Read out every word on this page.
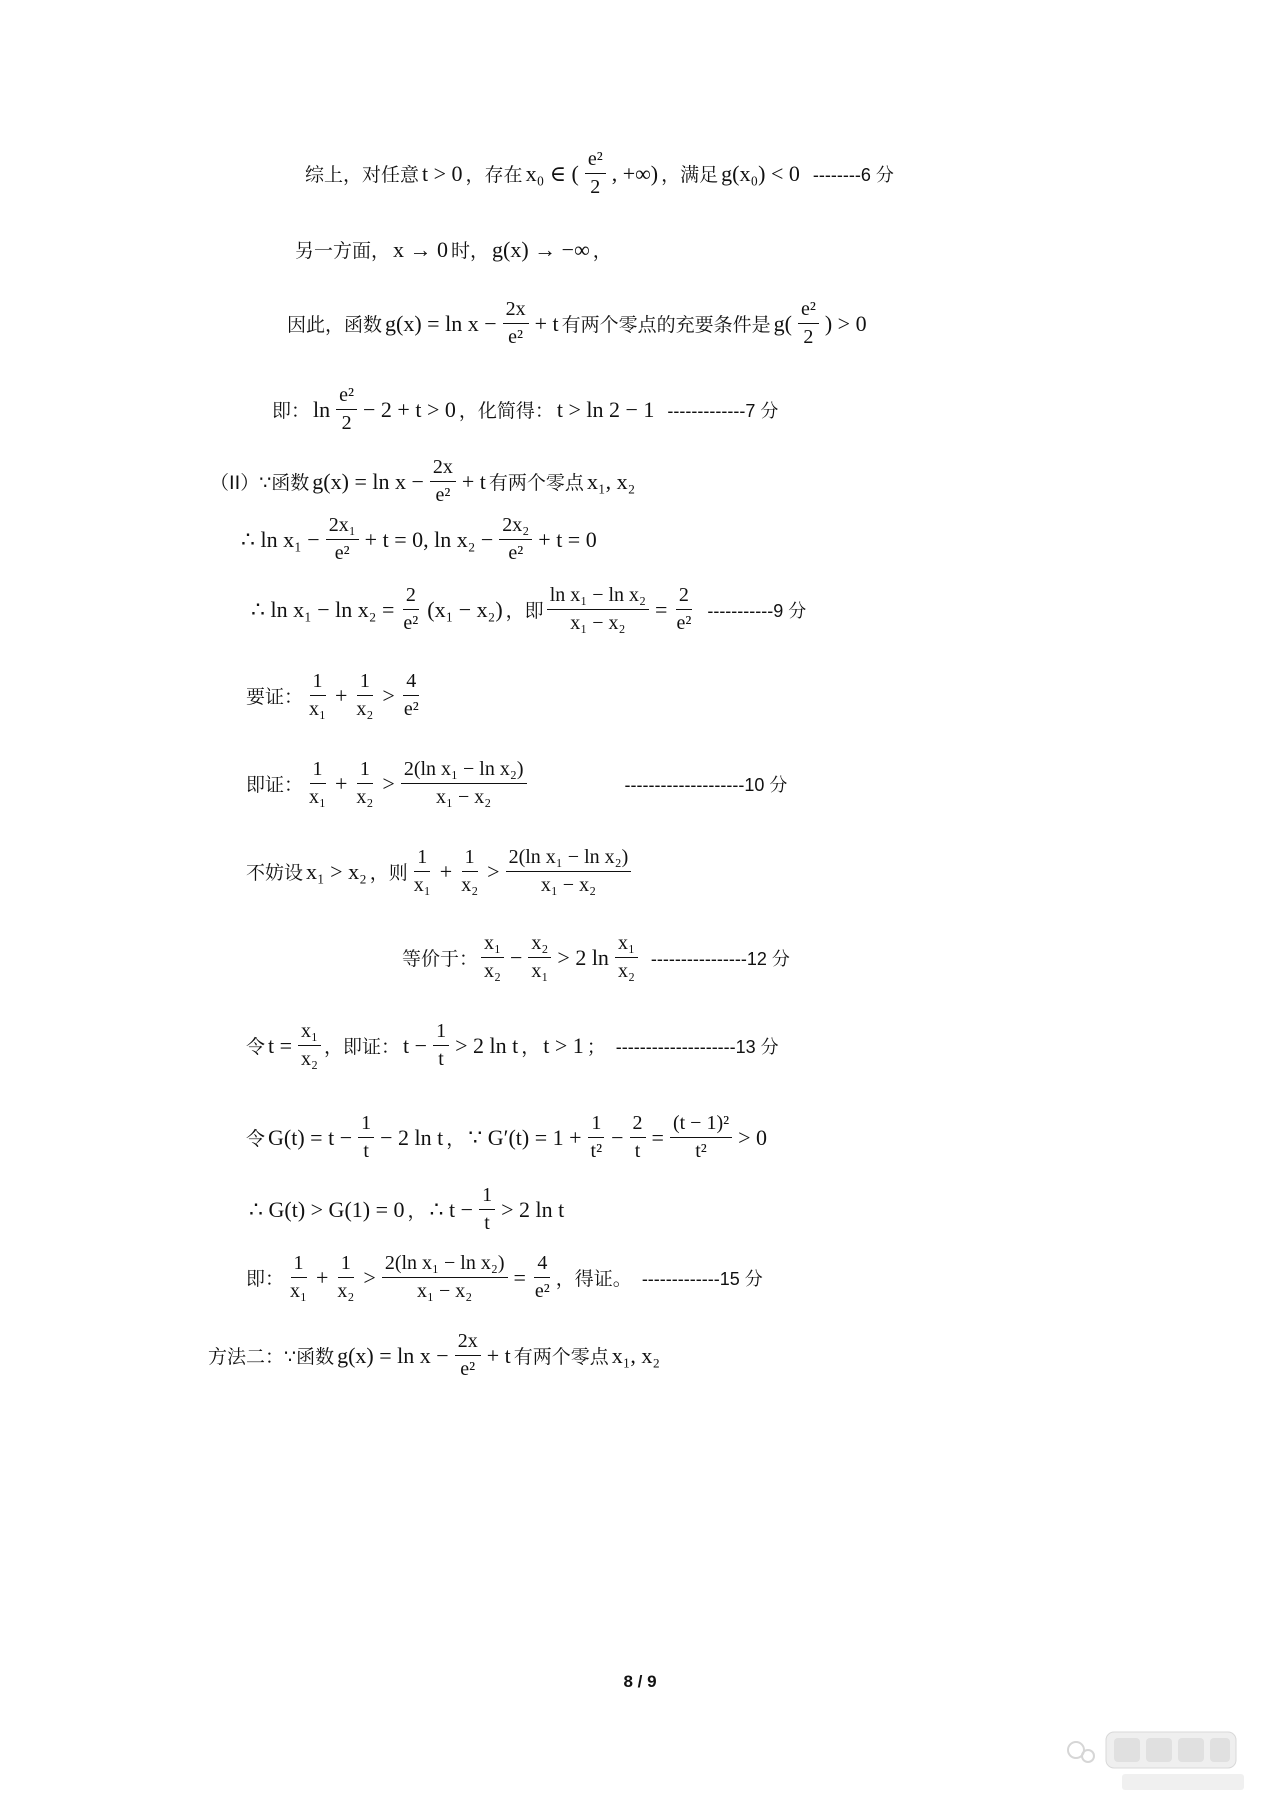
综上，对任意 t > 0 ，存在 x₀ ∈ ( $\frac{\text{e²}}{2}$ , +∞) ，满足 g(x₀) < 0 --------6 分
另一方面， x → 0 时， g(x) → −∞ ，
因此，函数 $g(x) = \ln x - \frac{2x}{\text{e²}} + t$ 有两个零点的充要条件是 $g( \frac{\text{e²}}{2}$ ) > 0
即： $\ln \frac{\text{e²}}{2} - 2 + t > 0$ ，化简得： t > ln 2 − 1 -------------7 分
（II）∵函数 $g(x) = \ln x - \frac{2x}{\text{e²}} + t$ 有两个零点 x₁, x₂
∴ $\ln x_1 - \frac{\text{2x₁}}{\text{e²}} + t = 0$, $\ln x_2 - \frac{\text{2x₂}}{\text{e²}} + t = 0$
∴ $\ln x_1 - \ln x_2 = \frac{2}{\text{e²}} (x_1 - x_2)$ ，即 $\frac{\text{ln x₁ − ln x₂}}{\text{x₁ − x₂}} = \frac{2}{\text{e²}} -----------9$ 分
要证： $\frac{1}{\text{x₁}} + \frac{1}{\text{x₂}} > \frac{4}{\text{e²}}$
即证： $\frac{1}{\text{x₁}} + \frac{1}{\text{x₂}} > \frac{\text{2(ln x₁ − ln x₂)}}{\text{x₁ − x₂}}$	--------------------10 分
不妨设 x₁ > x₂ ，则 $\frac{1}{\text{x₁}} + \frac{1}{\text{x₂}} > \frac{\text{2(ln x₁ − ln x₂)}}{\text{x₁ − x₂}}$
等价于： $\frac{\text{x₁}}{\text{x₂}} - \frac{\text{x₂}}{\text{x₁}} > 2$ $\ln \frac{\text{x₁}}{\text{x₂}} ----------------12$ 分
令 $t = \frac{\text{x₁}}{\text{x₂}}$ ，即证： $t - \frac{1}{t} > 2$ ln t ， t > 1 ； --------------------13 分
令 $G(t) = t - \frac{1}{t} - 2$ ln t ， ∵ $G'(t) = 1 + \frac{1}{\text{t²}} - \frac{2}{t} = \frac{\text{(t − 1)²}}{\text{t²}} > 0$
∴ G(t) > G(1) = 0 ， ∴ $t - \frac{1}{t} > 2$ ln t
即： $\frac{1}{\text{x₁}} + \frac{1}{\text{x₂}} > \frac{\text{2(ln x₁ − ln x₂)}}{\text{x₁ − x₂}} = \frac{4}{\text{e²}}$ ，得证。 -------------15 分
方法二：∵函数 $g(x) = \ln x - \frac{2x}{\text{e²}} + t$ 有两个零点 x₁, x₂
8 / 9
